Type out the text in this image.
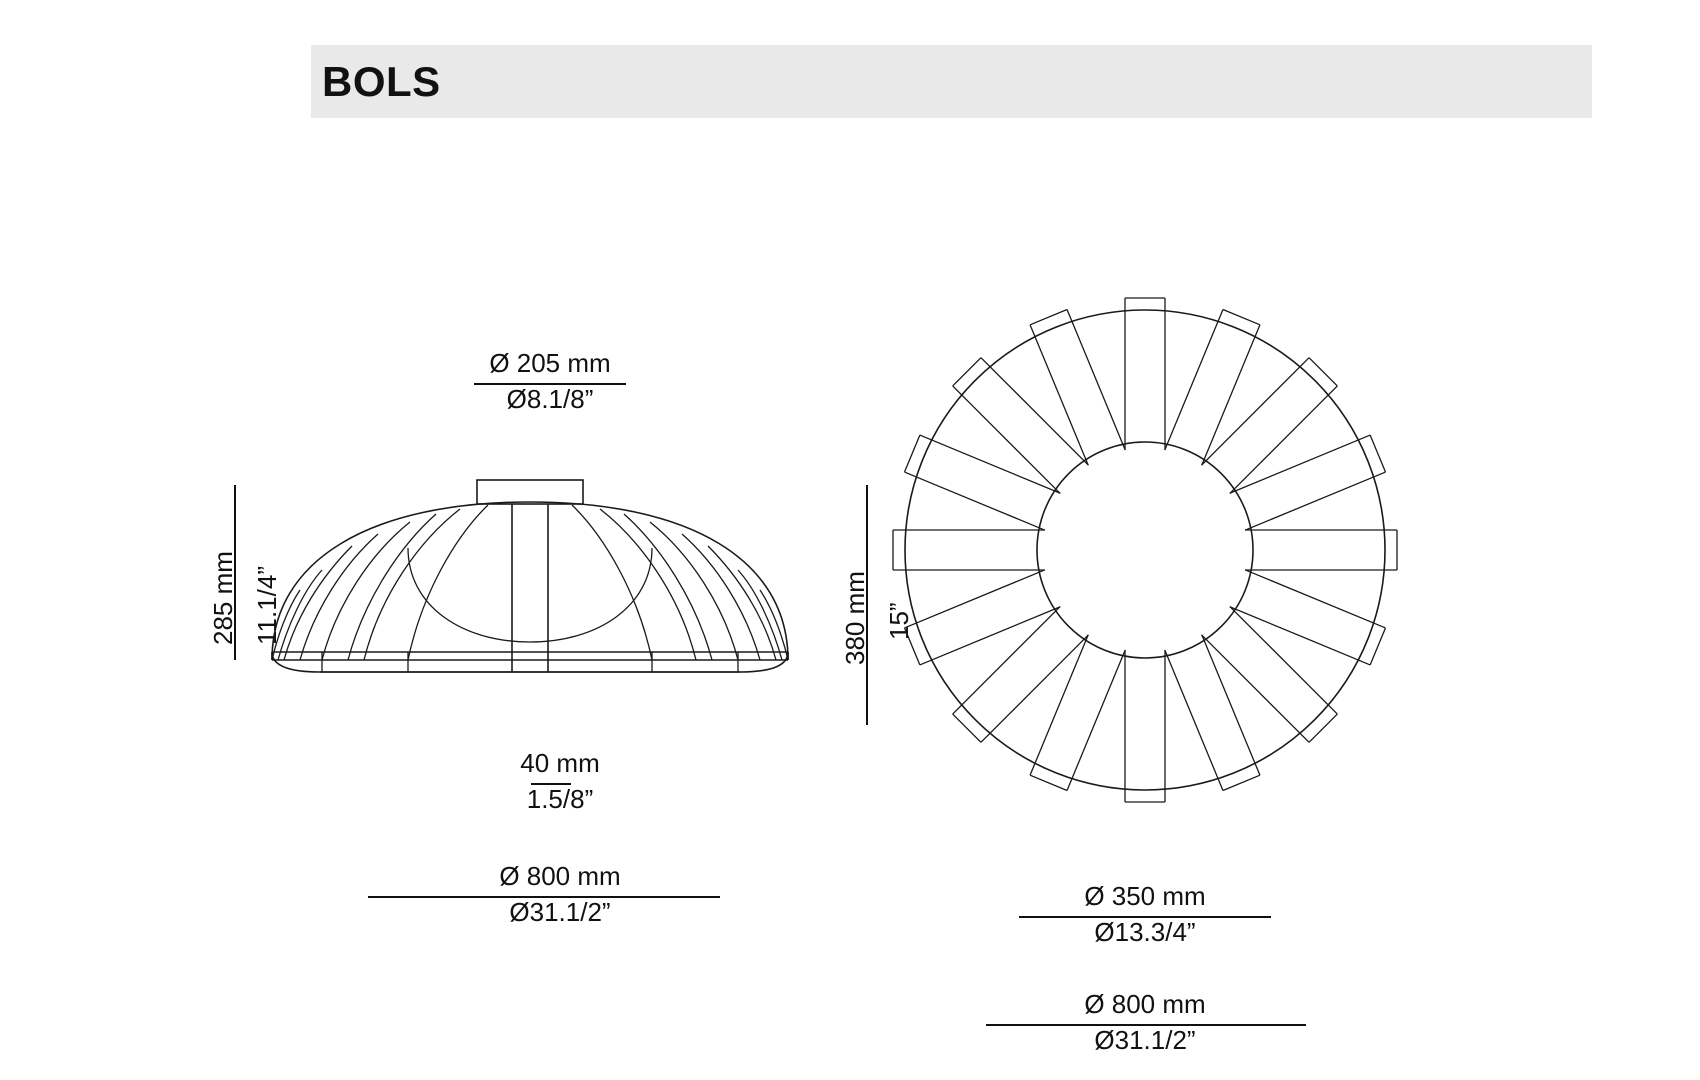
BOLS
Ø 205 mm
Ø8.1/8”
285 mm 11.1/4”	380 mm 15”
40 mm
1.5/8”
Ø 800 mm
Ø31.1/2”
Ø 350 mm
Ø13.3/4”
Ø 800 mm
Ø31.1/2”
